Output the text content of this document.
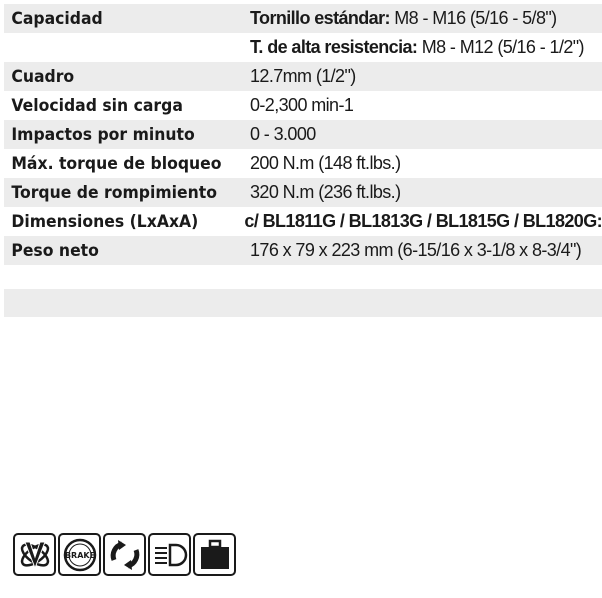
Capacidad	Tornillo estándar: M8 - M16 (5/16 - 5/8")
T. de alta resistencia: M8 - M12 (5/16 - 1/2")
Cuadro	12.7mm (1/2")
Velocidad sin carga	0-2,300 min-1
Impactos por minuto	0 - 3.000
Máx. torque de bloqueo	200 N.m (148 ft.lbs.)
Torque de rompimiento	320 N.m (236 ft.lbs.)
Dimensiones (LxAxA)	c/ BL1811G / BL1813G / BL1815G / BL1820G:
Peso neto	176 x 79 x 223 mm (6-15/16 x 3-1/8 x 8-3/4")
BRAKE
